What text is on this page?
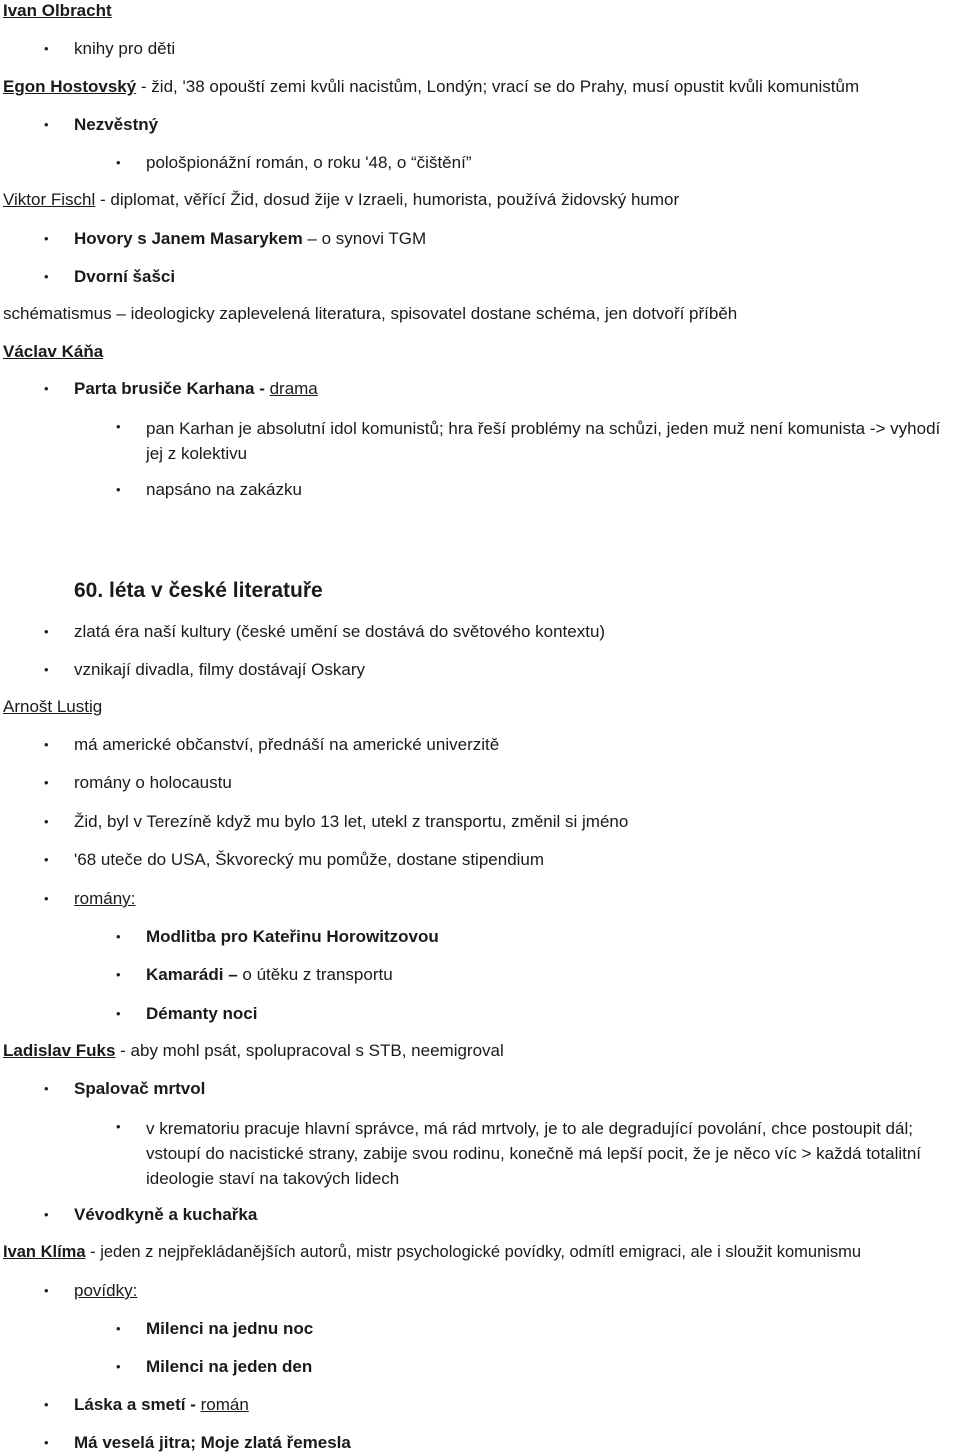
Ivan Olbracht
• knihy pro děti
Egon Hostovský - žid, '38 opouští zemi kvůli nacistům, Londýn; vrací se do Prahy, musí opustit kvůli komunistům
• Nezvěstný
• pološpionážní román, o roku '48, o “čištění”
Viktor Fischl - diplomat, věřící Žid, dosud žije v Izraeli, humorista, používá židovský humor
• Hovory s Janem Masarykem – o synovi TGM
• Dvorní šašci
schématismus – ideologicky zaplevelená literatura, spisovatel dostane schéma, jen dotvoří příběh
Václav Káňa
• Parta brusiče Karhana - drama
• pan Karhan je absolutní idol komunistů; hra řeší problémy na schůzi, jeden muž není komunista -> vyhodí jej z kolektivu
• napsáno na zakázku
60. léta v české literatuře
• zlatá éra naší kultury (české umění se dostává do světového kontextu)
• vznikají divadla, filmy dostávají Oskary
Arnošt Lustig
• má americké občanství, přednáší na americké univerzitě
• romány o holocaustu
• Žid, byl v Terezíně když mu bylo 13 let, utekl z transportu, změnil si jméno
• '68 uteče do USA, Škvorecký mu pomůže, dostane stipendium
• romány:
• Modlitba pro Kateřinu Horowitzovou
• Kamarádi – o útěku z transportu
• Démanty noci
Ladislav Fuks - aby mohl psát, spolupracoval s STB, neemigroval
• Spalovač mrtvol
• v krematoriu pracuje hlavní správce, má rád mrtvoly, je to ale degradující povolání, chce postoupit dál; vstoupí do nacistické strany, zabije svou rodinu, konečně má lepší pocit, že je něco víc > každá totalitní ideologie staví na takových lidech
• Vévodkyně a kuchařka
Ivan Klíma - jeden z nejpřekládanějších autorů, mistr psychologické povídky, odmítl emigraci, ale i sloužit komunismu
• povídky:
• Milenci na jednu noc
• Milenci na jeden den
• Láska a smetí - román
• Má veselá jitra; Moje zlatá řemesla
